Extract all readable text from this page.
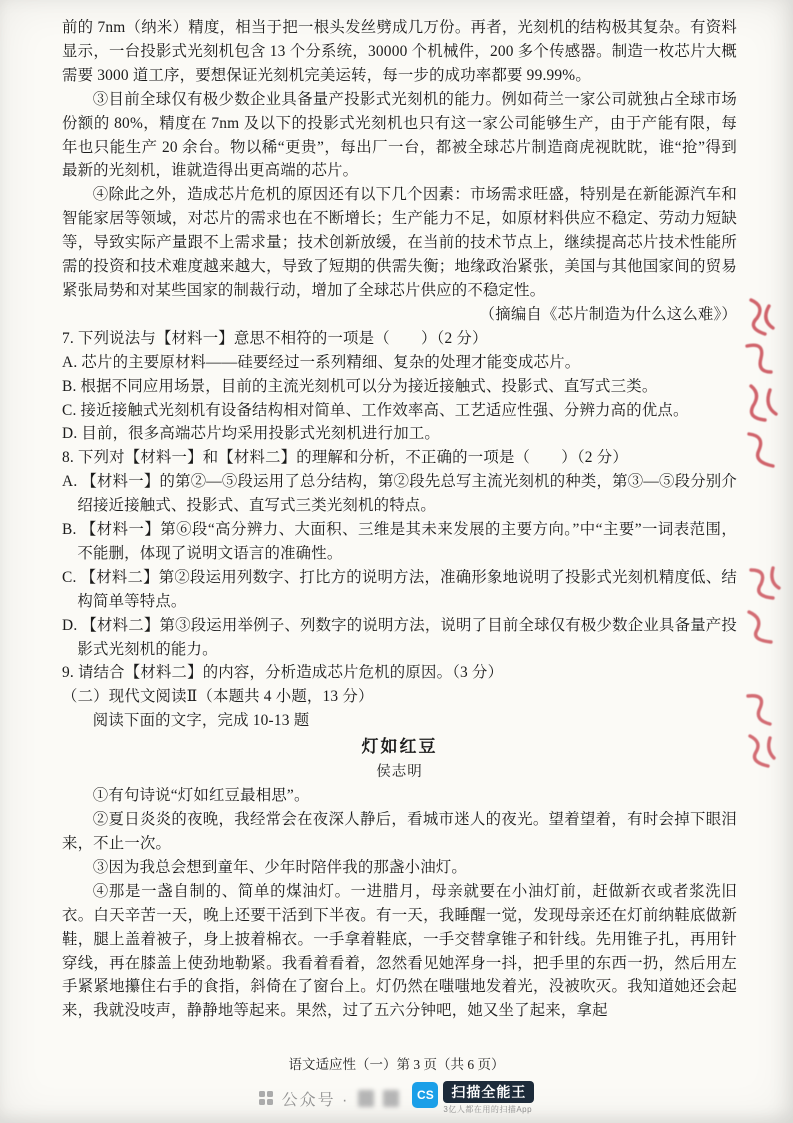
前的 7nm（纳米）精度，相当于把一根头发丝劈成几万份。再者，光刻机的结构极其复杂。有资料显示，一台投影式光刻机包含 13 个分系统，30000 个机械件，200 多个传感器。制造一枚芯片大概需要 3000 道工序，要想保证光刻机完美运转，每一步的成功率都要 99.99%。

③目前全球仅有极少数企业具备量产投影式光刻机的能力。例如荷兰一家公司就独占全球市场份额的 80%，精度在 7nm 及以下的投影式光刻机也只有这一家公司能够生产，由于产能有限，每年也只能生产 20 余台。物以稀“更贵”，每出厂一台，都被全球芯片制造商虎视眈眈，谁“抢”得到最新的光刻机，谁就造得出更高端的芯片。

④除此之外，造成芯片危机的原因还有以下几个因素：市场需求旺盛，特别是在新能源汽车和智能家居等领域，对芯片的需求也在不断增长；生产能力不足，如原材料供应不稳定、劳动力短缺等，导致实际产量跟不上需求量；技术创新放缓，在当前的技术节点上，继续提高芯片技术性能所需的投资和技术难度越来越大，导致了短期的供需失衡；地缘政治紧张，美国与其他国家间的贸易紧张局势和对某些国家的制裁行动，增加了全球芯片供应的不稳定性。

（摘编自《芯片制造为什么这么难》）

7. 下列说法与【材料一】意思不相符的一项是（　　）（2 分）

A. 芯片的主要原材料——硅要经过一系列精细、复杂的处理才能变成芯片。

B. 根据不同应用场景，目前的主流光刻机可以分为接近接触式、投影式、直写式三类。

C. 接近接触式光刻机有设备结构相对简单、工作效率高、工艺适应性强、分辨力高的优点。

D. 目前，很多高端芯片均采用投影式光刻机进行加工。

8. 下列对【材料一】和【材料二】的理解和分析，不正确的一项是（　　）（2 分）

A. 【材料一】的第②—⑤段运用了总分结构，第②段先总写主流光刻机的种类，第③—⑤段分别介绍接近接触式、投影式、直写式三类光刻机的特点。

B. 【材料一】第⑥段“高分辨力、大面积、三维是其未来发展的主要方向。”中“主要”一词表范围，不能删，体现了说明文语言的准确性。

C. 【材料二】第②段运用列数字、打比方的说明方法，准确形象地说明了投影式光刻机精度低、结构简单等特点。

D. 【材料二】第③段运用举例子、列数字的说明方法，说明了目前全球仅有极少数企业具备量产投影式光刻机的能力。

9. 请结合【材料二】的内容，分析造成芯片危机的原因。（3 分）

（二）现代文阅读Ⅱ（本题共 4 小题，13 分）

阅读下面的文字，完成 10-13 题

灯如红豆

侯志明

①有句诗说“灯如红豆最相思”。

②夏日炎炎的夜晚，我经常会在夜深人静后，看城市迷人的夜光。望着望着，有时会掉下眼泪来，不止一次。

③因为我总会想到童年、少年时陪伴我的那盏小油灯。

④那是一盏自制的、简单的煤油灯。一进腊月，母亲就要在小油灯前，赶做新衣或者浆洗旧衣。白天辛苦一天，晚上还要干活到下半夜。有一天，我睡醒一觉，发现母亲还在灯前纳鞋底做新鞋，腿上盖着被子，身上披着棉衣。一手拿着鞋底，一手交替拿锥子和针线。先用锥子扎，再用针穿线，再在膝盖上使劲地勒紧。我看着看着，忽然看见她浑身一抖，把手里的东西一扔，然后用左手紧紧地攥住右手的食指，斜倚在了窗台上。灯仍然在嗤嗤地发着光，没被吹灭。我知道她还会起来，我就没吱声，静静地等起来。果然，过了五六分钟吧，她又坐了起来，拿起

语文适应性（一）第 3 页（共 6 页）
公众号 ·	CS	扫描全能王
3亿人都在用的扫描App
